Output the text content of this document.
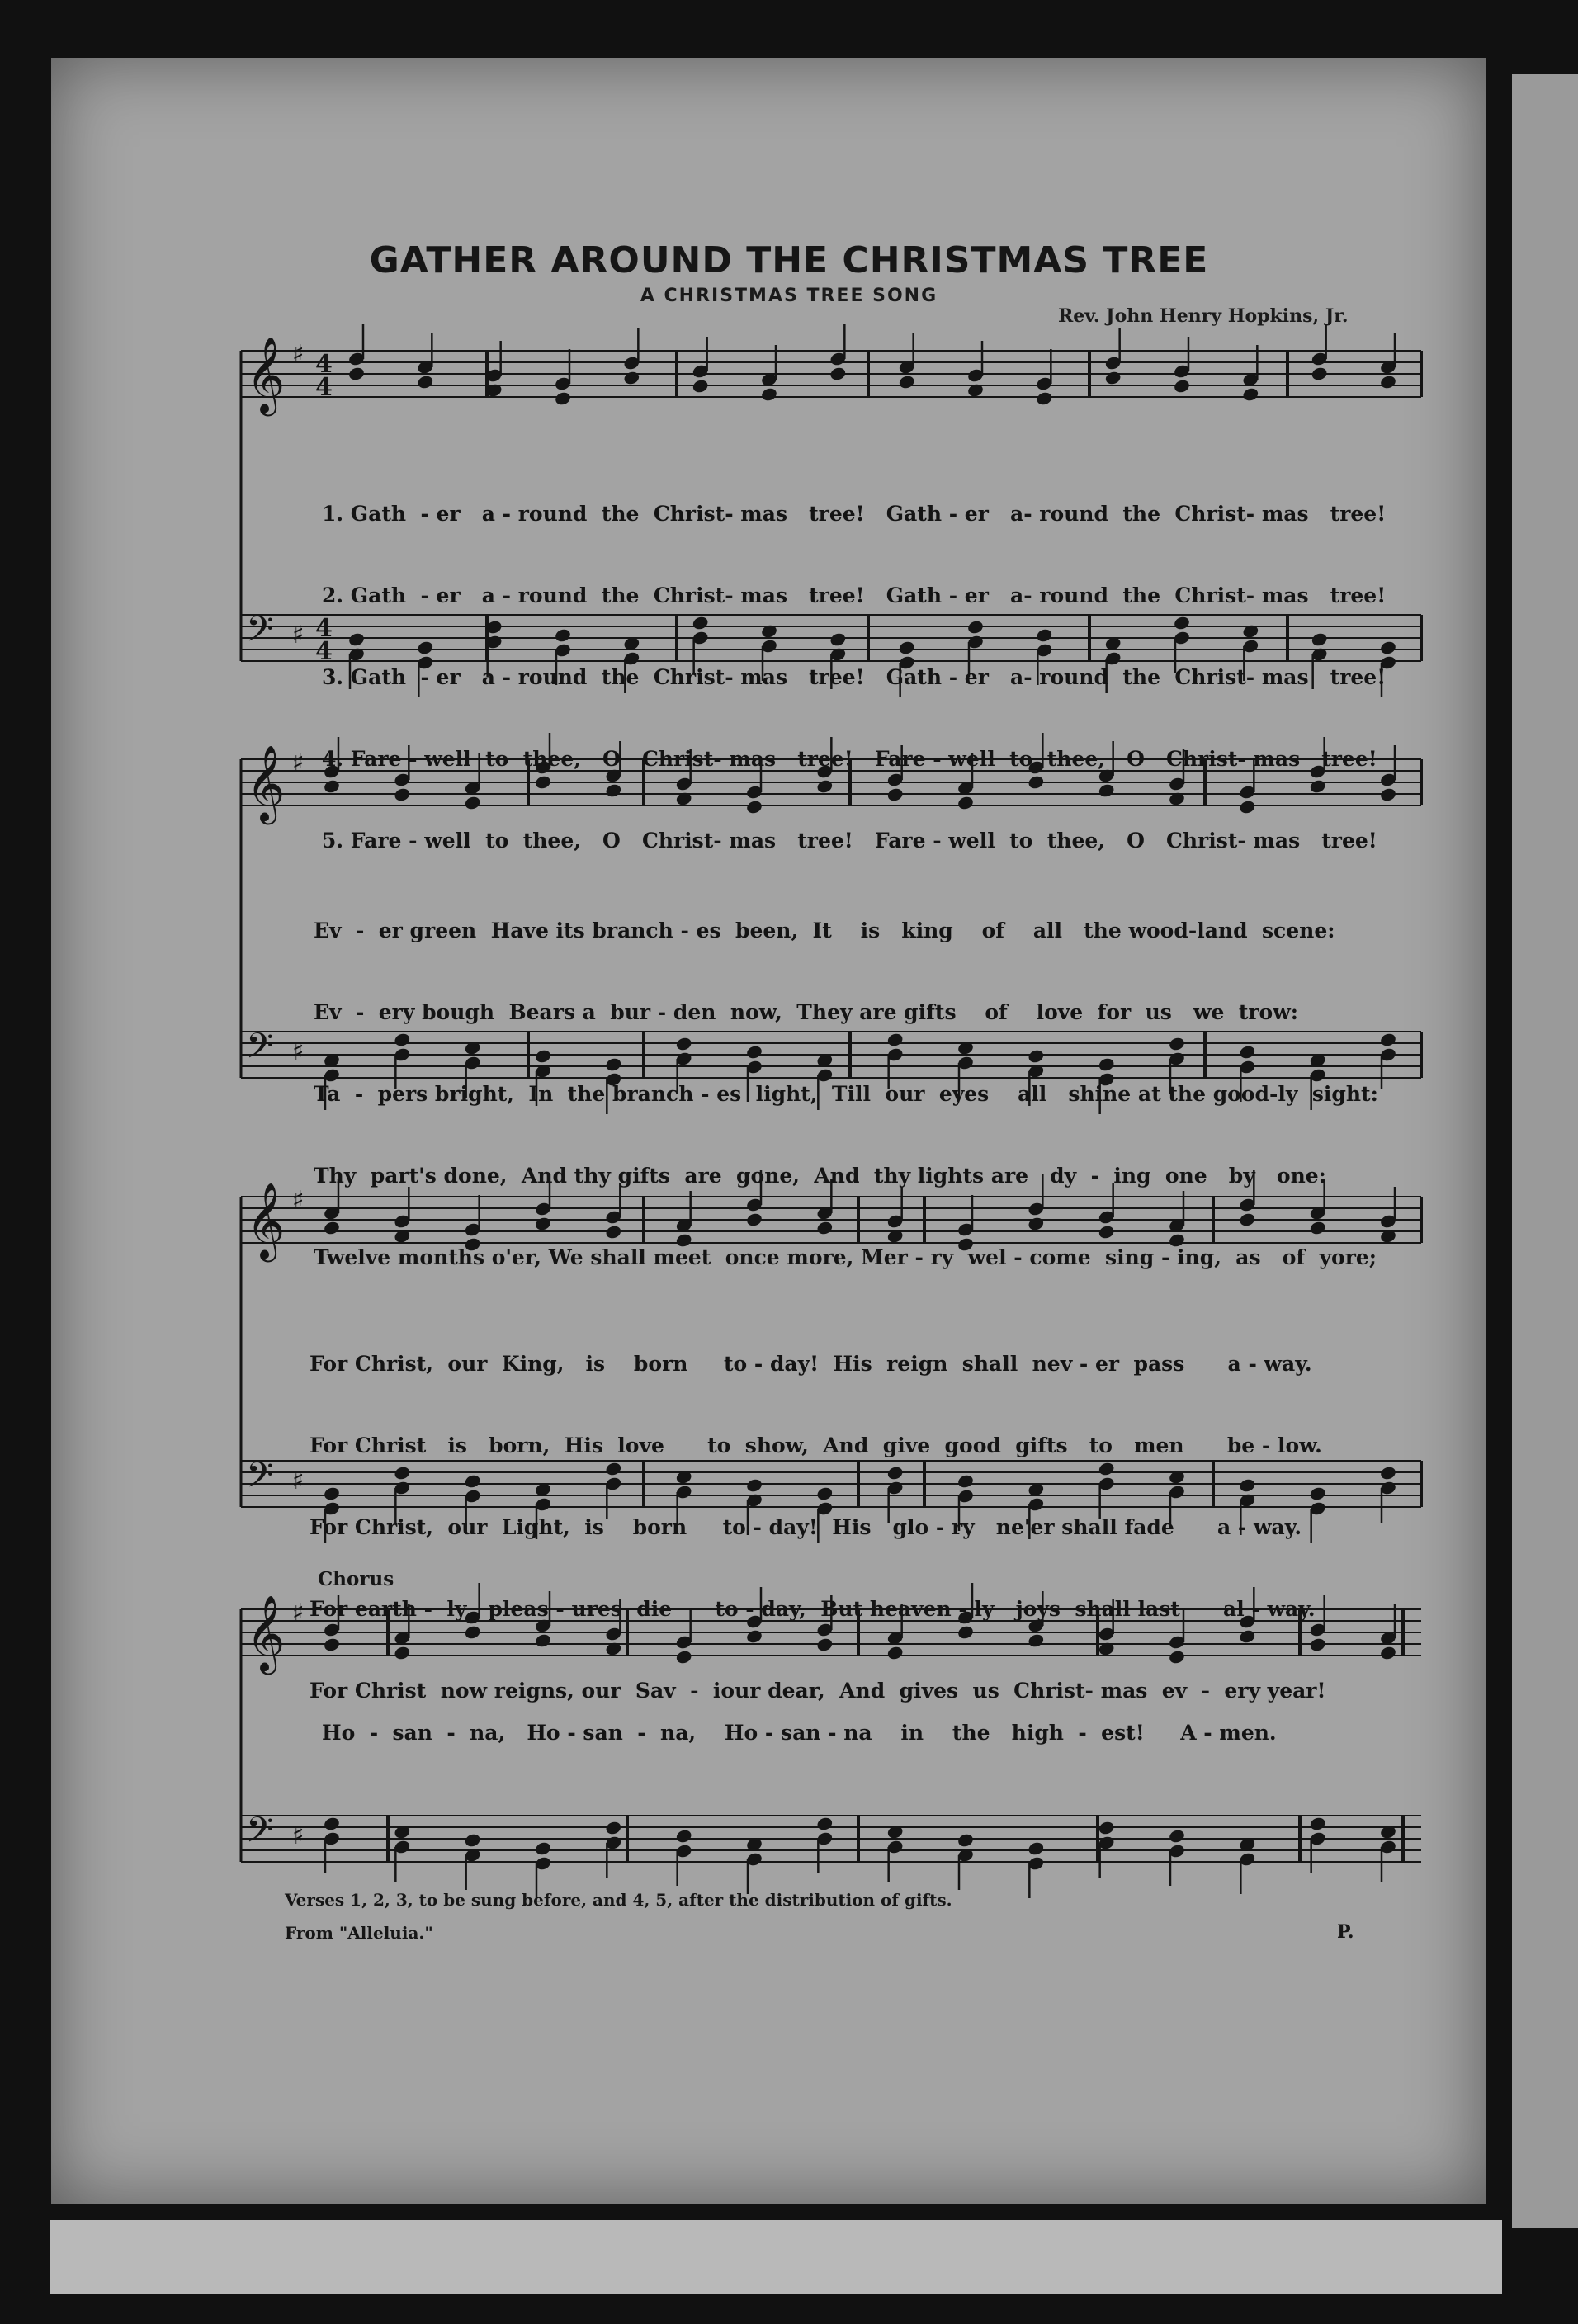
GATHER AROUND THE CHRISTMAS TREE
A CHRISTMAS TREE SONG
Rev. John Henry Hopkins, Jr.
𝄞 ♯ 4
4
𝄢 ♯ 4
4
𝄞 ♯
𝄢 ♯
𝄞 ♯
𝄢 ♯
𝄞 ♯
𝄢 ♯

1. Gath  - er   a - round  the  Christ- mas   tree!   Gath - er   a- round  the  Christ- mas   tree!

2. Gath  - er   a - round  the  Christ- mas   tree!   Gath - er   a- round  the  Christ- mas   tree!

3. Gath  - er   a - round  the  Christ- mas   tree!   Gath - er   a- round  the  Christ- mas   tree!

4. Fare - well  to  thee,   O   Christ- mas   tree!   Fare - well  to  thee,   O   Christ- mas   tree!

5. Fare - well  to  thee,   O   Christ- mas   tree!   Fare - well  to  thee,   O   Christ- mas   tree!

Ev  -  er green  Have its branch - es  been,  It    is   king    of    all   the wood-land  scene:

Ev  -  ery bough  Bears a  bur - den  now,  They are gifts    of    love  for  us   we  trow:

Ta  -  pers bright,  In  the branch - es  light,  Till  our  eyes    all   shine at the good-ly  sight:

Thy  part's done,  And thy gifts  are  gone,  And  thy lights are   dy  -  ing  one   by   one:

Twelve months o'er, We shall meet  once more, Mer - ry  wel - come  sing - ing,  as   of  yore;

For Christ,  our  King,   is    born     to - day!  His  reign  shall  nev - er  pass      a - way.

For Christ   is   born,  His  love      to  show,  And  give  good  gifts   to   men      be - low.

For Christ,  our  Light,  is    born     to - day!  His   glo - ry   ne'er shall fade      a - way.

For earth -  ly   pleas - ures  die      to - day,  But heaven - ly   joys  shall last      al - way.

For Christ  now reigns, our  Sav  -  iour dear,  And  gives  us  Christ- mas  ev  -  ery year!

Chorus
Ho  -  san  -  na,   Ho - san  -  na,    Ho - san - na    in    the   high  -  est!     A - men.
Verses 1, 2, 3, to be sung before, and 4, 5, after the distribution of gifts.
From "Alleluia."	P.
